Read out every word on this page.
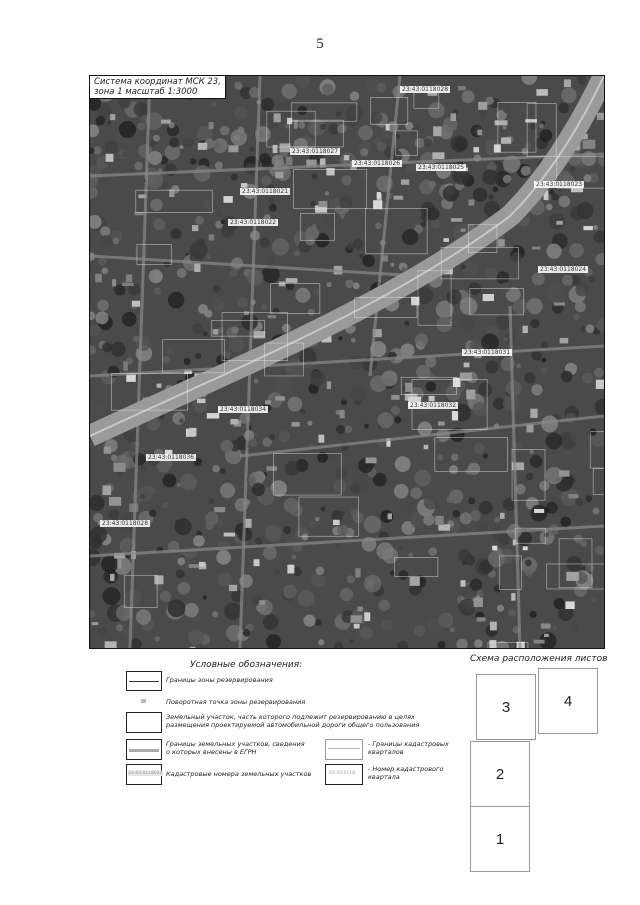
5
Система координат МСК 23,
зона 1 масштаб 1:3000	23:43:0118028
23:43:0118027
23:43:0118026
23:43:0118025
23:43:0118021
23:43:0118022
23:43:0118023
23:43:0118024
23:43:0118031
23:43:0118032
23:43:0118034
23:43:0118036
23:43:0118028
Условные обозначения:
Границы зоны резервирования
Поворотная точка зоны резервирования
Земельный участок, часть которого подлежит резервированию в целях
размещения проектируемой автомобильной дороги общего пользования
Границы земельных участков, сведения
о которых внесены в ЕГРН
23:43:0118024 Кадастровые номера земельных участков
- Границы кадастровых
кварталов
23:43:0118
- Номер кадастрового
квартала
Схема расположения листов
3	4
2
1
